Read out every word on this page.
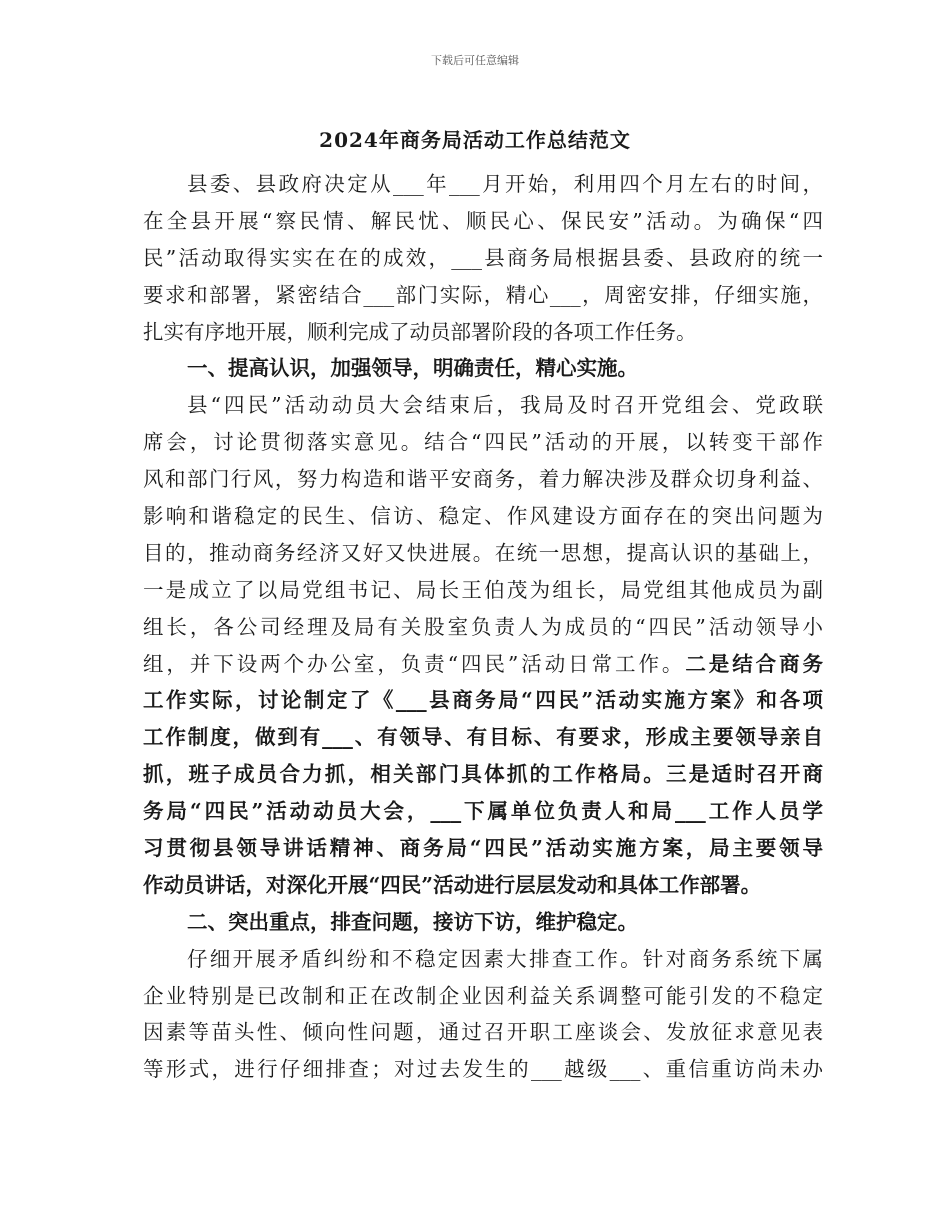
下载后可任意编辑
2024年商务局活动工作总结范文
县委、县政府决定从___年___月开始，利用四个月左右的时间，
在全县开展“察民情、解民忧、顺民心、保民安”活动。为确保“四
民”活动取得实实在在的成效，___县商务局根据县委、县政府的统一
要求和部署，紧密结合___部门实际，精心___，周密安排，仔细实施，
扎实有序地开展，顺利完成了动员部署阶段的各项工作任务。
一、提高认识，加强领导，明确责任，精心实施。
县“四民”活动动员大会结束后，我局及时召开党组会、党政联
席会，讨论贯彻落实意见。结合“四民”活动的开展，以转变干部作
风和部门行风，努力构造和谐平安商务，着力解决涉及群众切身利益、
影响和谐稳定的民生、信访、稳定、作风建设方面存在的突出问题为
目的，推动商务经济又好又快进展。在统一思想，提高认识的基础上，
一是成立了以局党组书记、局长王伯茂为组长，局党组其他成员为副
组长，各公司经理及局有关股室负责人为成员的“四民”活动领导小
组，并下设两个办公室，负责“四民”活动日常工作。二是结合商务
工作实际，讨论制定了《___县商务局“四民”活动实施方案》和各项
工作制度，做到有___、有领导、有目标、有要求，形成主要领导亲自
抓，班子成员合力抓，相关部门具体抓的工作格局。三是适时召开商
务局“四民”活动动员大会，___下属单位负责人和局___工作人员学
习贯彻县领导讲话精神、商务局“四民”活动实施方案，局主要领导
作动员讲话，对深化开展“四民”活动进行层层发动和具体工作部署。
二、突出重点，排查问题，接访下访，维护稳定。
仔细开展矛盾纠纷和不稳定因素大排查工作。针对商务系统下属
企业特别是已改制和正在改制企业因利益关系调整可能引发的不稳定
因素等苗头性、倾向性问题，通过召开职工座谈会、发放征求意见表
等形式，进行仔细排查；对过去发生的___越级___、重信重访尚未办
